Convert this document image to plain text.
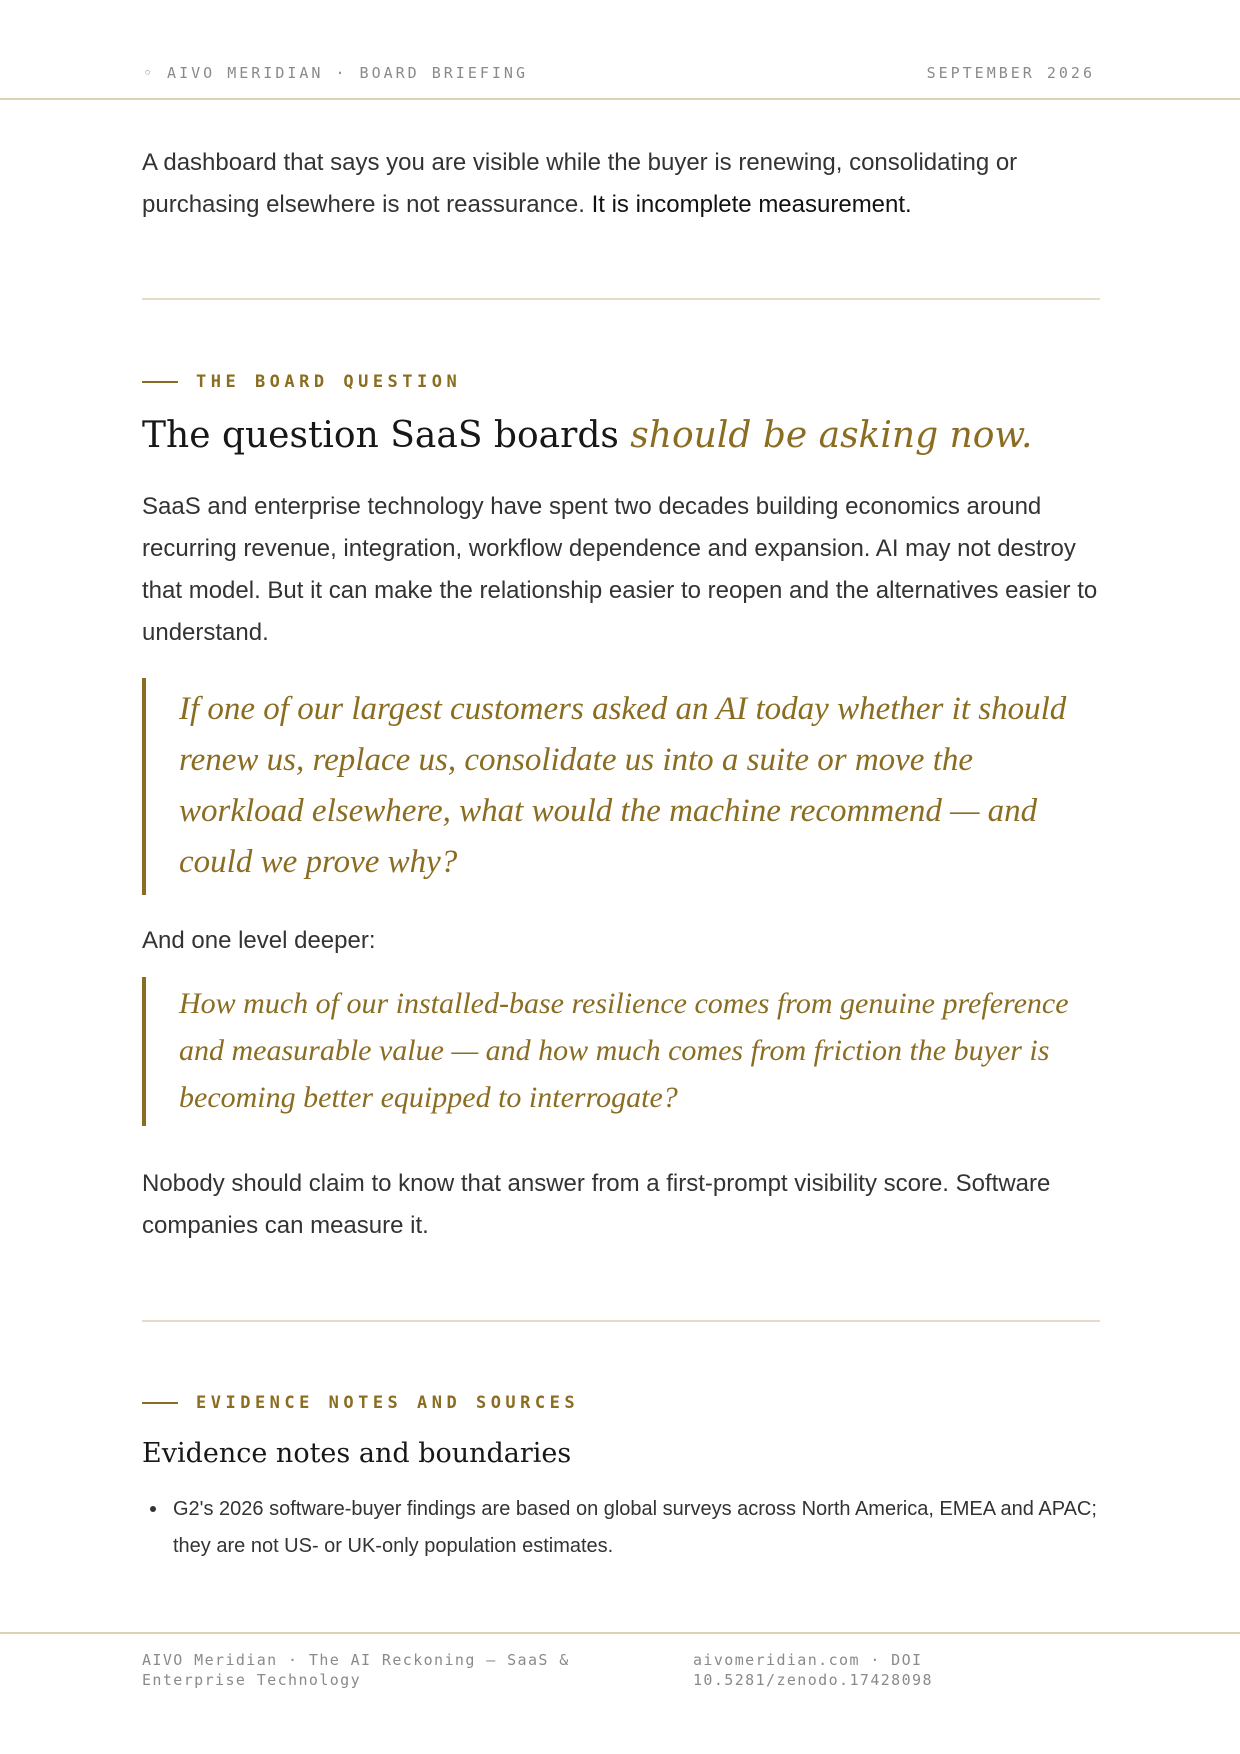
◦ AIVO MERIDIAN · BOARD BRIEFING	SEPTEMBER 2026

A dashboard that says you are visible while the buyer is renewing, consolidating or purchasing elsewhere is not reassurance. It is incomplete measurement.

THE BOARD QUESTION
The question SaaS boards should be asking now.

SaaS and enterprise technology have spent two decades building economics around recurring revenue, integration, workflow dependence and expansion. AI may not destroy that model. But it can make the relationship easier to reopen and the alternatives easier to understand.

If one of our largest customers asked an AI today whether it should renew us, replace us, consolidate us into a suite or move the workload elsewhere, what would the machine recommend — and could we prove why?

And one level deeper:

How much of our installed-base resilience comes from genuine preference and measurable value — and how much comes from friction the buyer is becoming better equipped to interrogate?

Nobody should claim to know that answer from a first-prompt visibility score. Software companies can measure it.

EVIDENCE NOTES AND SOURCES
Evidence notes and boundaries
G2's 2026 software-buyer findings are based on global surveys across North America, EMEA and APAC; they are not US- or UK-only population estimates.
AIVO Meridian · The AI Reckoning — SaaS & Enterprise Technology
aivomeridian.com · DOI 10.5281/zenodo.17428098
